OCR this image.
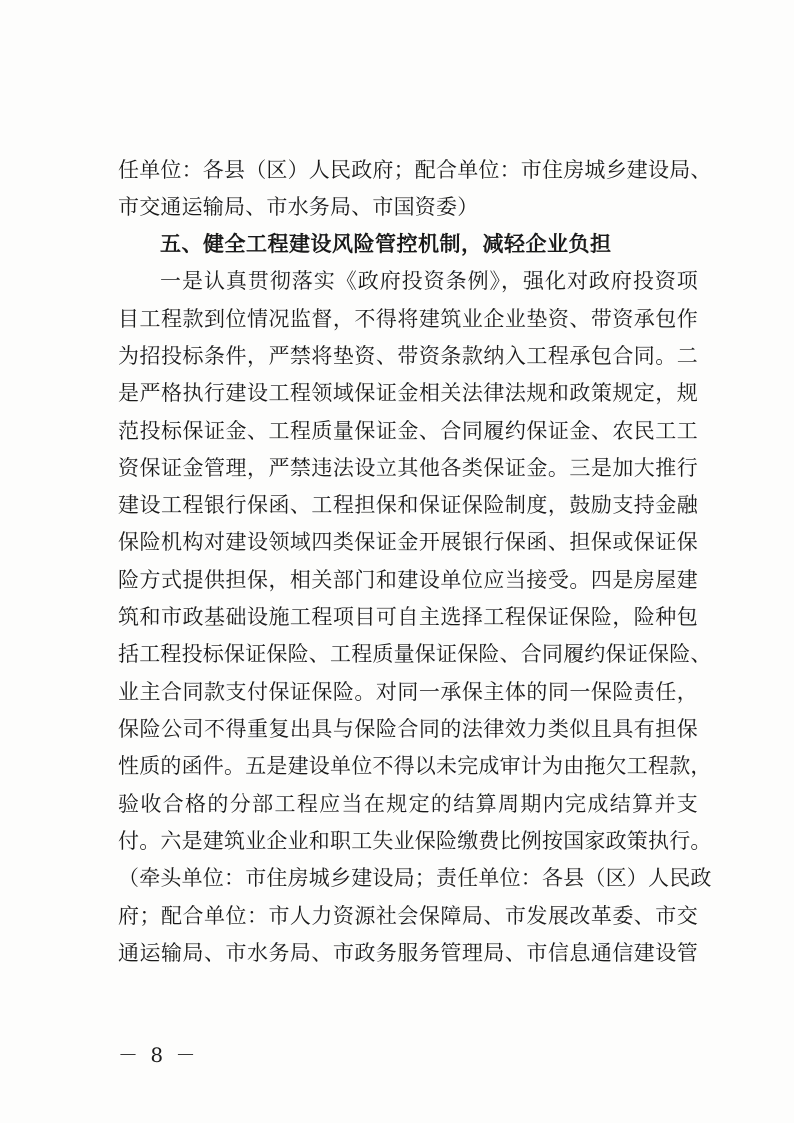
任单位：各县（区）人民政府；配合单位：市住房城乡建设局、
市交通运输局、市水务局、市国资委）
五、健全工程建设风险管控机制，减轻企业负担
一是认真贯彻落实《政府投资条例》，强化对政府投资项
目工程款到位情况监督，不得将建筑业企业垫资、带资承包作
为招投标条件，严禁将垫资、带资条款纳入工程承包合同。二
是严格执行建设工程领域保证金相关法律法规和政策规定，规
范投标保证金、工程质量保证金、合同履约保证金、农民工工
资保证金管理，严禁违法设立其他各类保证金。三是加大推行
建设工程银行保函、工程担保和保证保险制度，鼓励支持金融
保险机构对建设领域四类保证金开展银行保函、担保或保证保
险方式提供担保，相关部门和建设单位应当接受。四是房屋建
筑和市政基础设施工程项目可自主选择工程保证保险，险种包
括工程投标保证保险、工程质量保证保险、合同履约保证保险、
业主合同款支付保证保险。对同一承保主体的同一保险责任，
保险公司不得重复出具与保险合同的法律效力类似且具有担保
性质的函件。五是建设单位不得以未完成审计为由拖欠工程款，
验收合格的分部工程应当在规定的结算周期内完成结算并支
付。六是建筑业企业和职工失业保险缴费比例按国家政策执行。
（牵头单位：市住房城乡建设局；责任单位：各县（区）人民政
府；配合单位：市人力资源社会保障局、市发展改革委、市交
通运输局、市水务局、市政务服务管理局、市信息通信建设管
－ 8 －
